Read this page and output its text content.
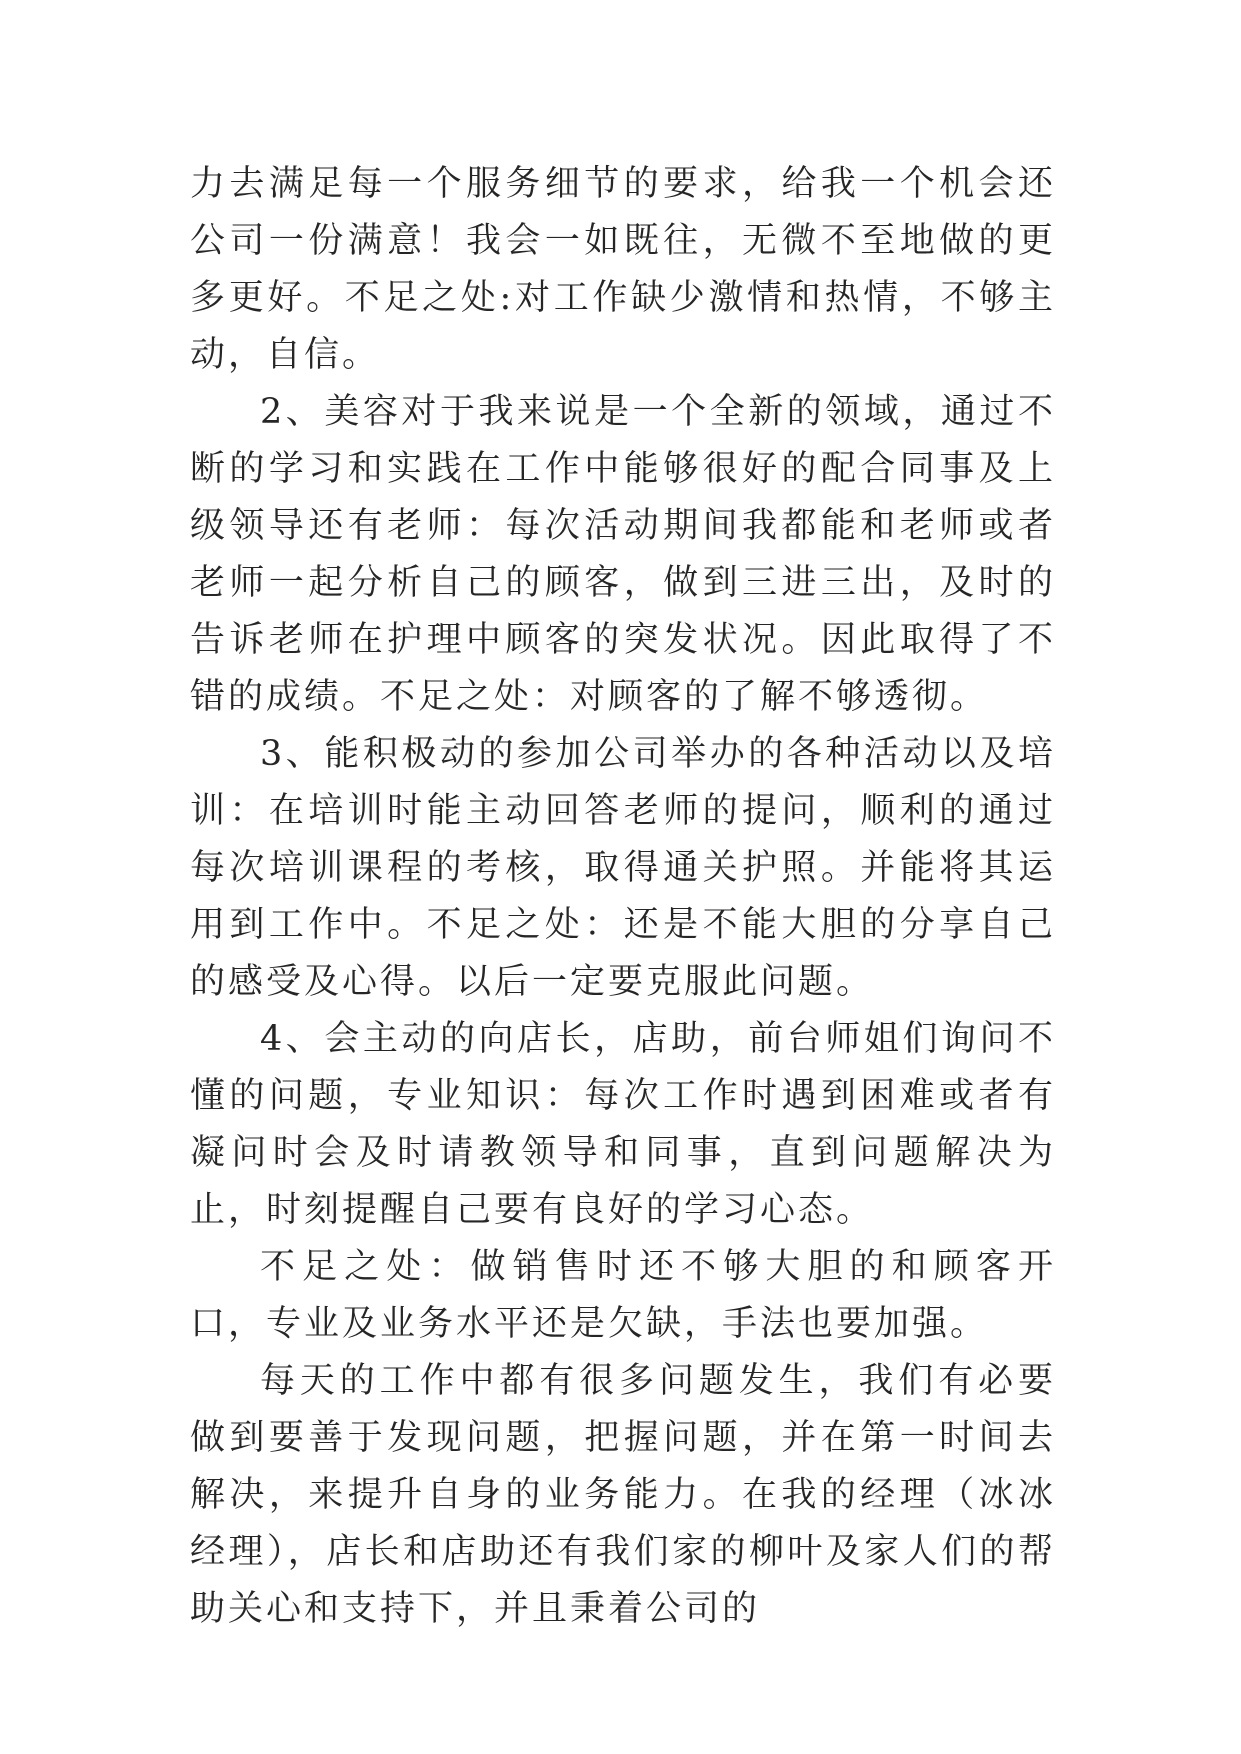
力去满足每一个服务细节的要求，给我一个机会还公司一份满意！我会一如既往，无微不至地做的更多更好。不足之处:对工作缺少激情和热情，不够主动，自信。

2、美容对于我来说是一个全新的领域，通过不断的学习和实践在工作中能够很好的配合同事及上级领导还有老师：每次活动期间我都能和老师或者老师一起分析自己的顾客，做到三进三出，及时的告诉老师在护理中顾客的突发状况。因此取得了不错的成绩。不足之处：对顾客的了解不够透彻。

3、能积极动的参加公司举办的各种活动以及培训：在培训时能主动回答老师的提问，顺利的通过每次培训课程的考核，取得通关护照。并能将其运用到工作中。不足之处：还是不能大胆的分享自己的感受及心得。以后一定要克服此问题。

4、会主动的向店长，店助，前台师姐们询问不懂的问题，专业知识：每次工作时遇到困难或者有凝问时会及时请教领导和同事，直到问题解决为止，时刻提醒自己要有良好的学习心态。

不足之处：做销售时还不够大胆的和顾客开口，专业及业务水平还是欠缺，手法也要加强。

每天的工作中都有很多问题发生，我们有必要做到要善于发现问题，把握问题，并在第一时间去解决，来提升自身的业务能力。在我的经理（冰冰经理），店长和店助还有我们家的柳叶及家人们的帮助关心和支持下，并且秉着公司的
